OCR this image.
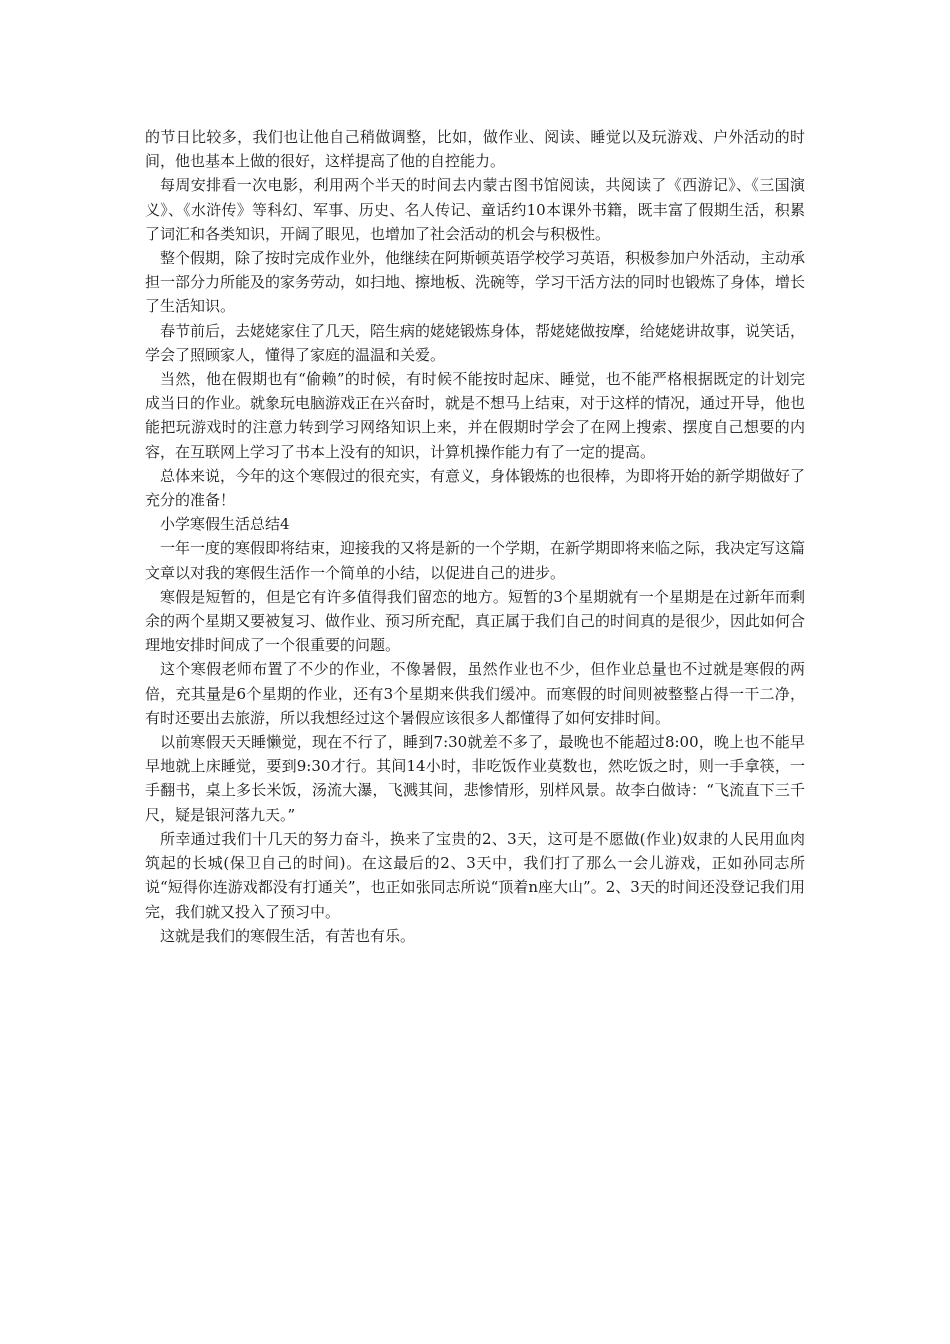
的节日比较多，我们也让他自己稍做调整，比如，做作业、阅读、睡觉以及玩游戏、户外活动的时间，他也基本上做的很好，这样提高了他的自控能力。

每周安排看一次电影，利用两个半天的时间去内蒙古图书馆阅读，共阅读了《西游记》、《三国演义》、《水浒传》等科幻、军事、历史、名人传记、童话约10本课外书籍，既丰富了假期生活，积累了词汇和各类知识，开阔了眼见，也增加了社会活动的机会与积极性。

整个假期，除了按时完成作业外，他继续在阿斯顿英语学校学习英语，积极参加户外活动，主动承担一部分力所能及的家务劳动，如扫地、擦地板、洗碗等，学习干活方法的同时也锻炼了身体，增长了生活知识。

春节前后，去姥姥家住了几天，陪生病的姥姥锻炼身体，帮姥姥做按摩，给姥姥讲故事，说笑话，学会了照顾家人，懂得了家庭的温温和关爱。

当然，他在假期也有“偷赖”的时候，有时候不能按时起床、睡觉，也不能严格根据既定的计划完成当日的作业。就象玩电脑游戏正在兴奋时，就是不想马上结束，对于这样的情况，通过开导，他也能把玩游戏时的注意力转到学习网络知识上来，并在假期时学会了在网上搜索、摆度自己想要的内容，在互联网上学习了书本上没有的知识，计算机操作能力有了一定的提高。

总体来说，今年的这个寒假过的很充实，有意义，身体锻炼的也很棒，为即将开始的新学期做好了充分的准备！

小学寒假生活总结4

一年一度的寒假即将结束，迎接我的又将是新的一个学期，在新学期即将来临之际，我决定写这篇文章以对我的寒假生活作一个简单的小结，以促进自己的进步。

寒假是短暂的，但是它有许多值得我们留恋的地方。短暂的3个星期就有一个星期是在过新年而剩余的两个星期又要被复习、做作业、预习所充配，真正属于我们自己的时间真的是很少，因此如何合理地安排时间成了一个很重要的问题。

这个寒假老师布置了不少的作业，不像暑假，虽然作业也不少，但作业总量也不过就是寒假的两倍，充其量是6个星期的作业，还有3个星期来供我们缓冲。而寒假的时间则被整整占得一干二净，有时还要出去旅游，所以我想经过这个暑假应该很多人都懂得了如何安排时间。

以前寒假天天睡懒觉，现在不行了，睡到7:30就差不多了，最晚也不能超过8:00，晚上也不能早早地就上床睡觉，要到9:30才行。其间14小时，非吃饭作业莫数也，然吃饭之时，则一手拿筷，一手翻书，桌上多长米饭，汤流大瀑，飞溅其间，悲惨情形，别样风景。故李白做诗：“飞流直下三千尺，疑是银河落九天。”

所幸通过我们十几天的努力奋斗，换来了宝贵的2、3天，这可是不愿做(作业)奴隶的人民用血肉筑起的长城(保卫自己的时间)。在这最后的2、3天中，我们打了那么一会儿游戏，正如孙同志所说“短得你连游戏都没有打通关”，也正如张同志所说“顶着n座大山”。2、3天的时间还没登记我们用完，我们就又投入了预习中。

这就是我们的寒假生活，有苦也有乐。
